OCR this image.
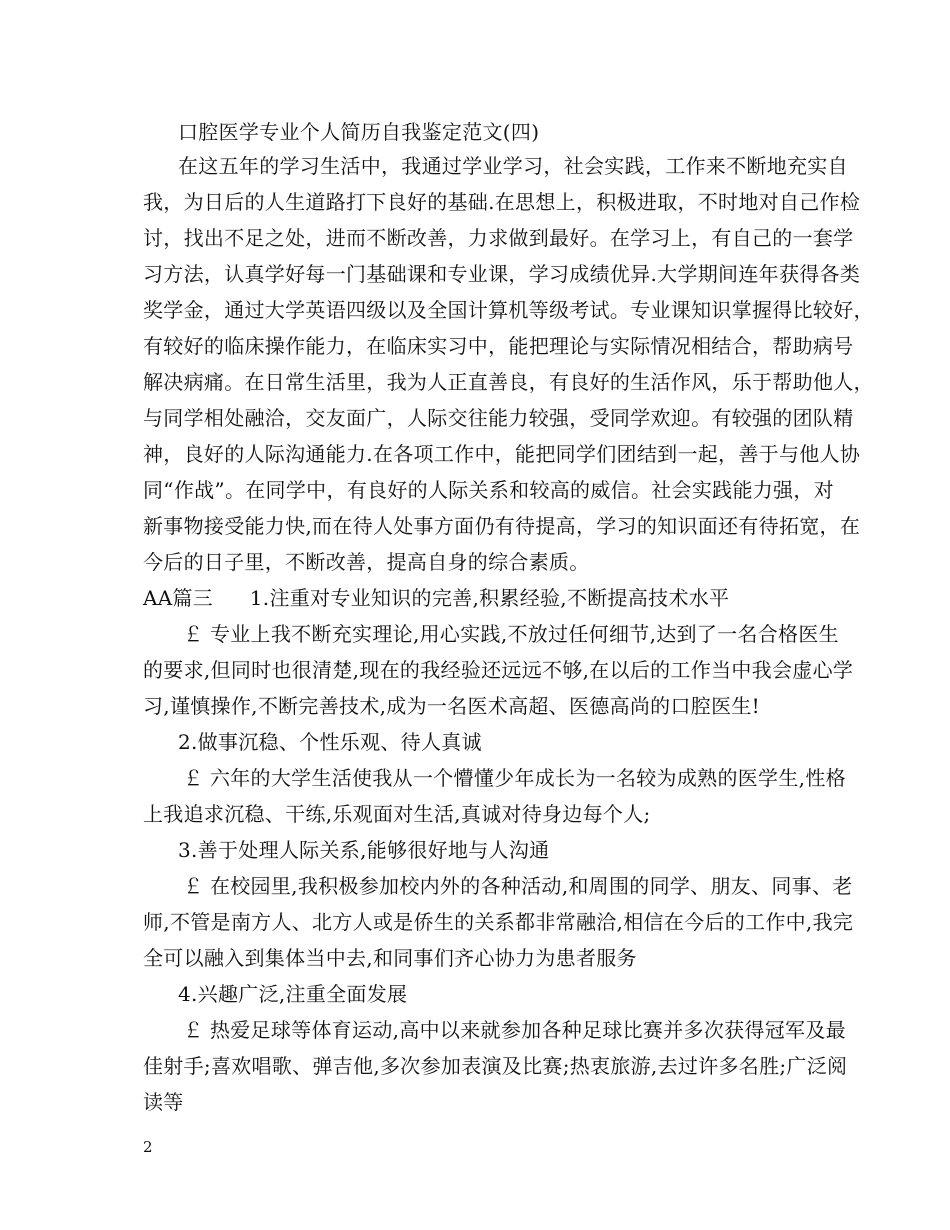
口腔医学专业个人简历自我鉴定范文(四)
在这五年的学习生活中，我通过学业学习，社会实践，工作来不断地充实自
我，为日后的人生道路打下良好的基础.在思想上，积极进取，不时地对自己作检
讨，找出不足之处，进而不断改善，力求做到最好。在学习上，有自己的一套学
习方法，认真学好每一门基础课和专业课，学习成绩优异.大学期间连年获得各类
奖学金，通过大学英语四级以及全国计算机等级考试。专业课知识掌握得比较好，
有较好的临床操作能力，在临床实习中，能把理论与实际情况相结合，帮助病号
解决病痛。在日常生活里，我为人正直善良，有良好的生活作风，乐于帮助他人，
与同学相处融洽，交友面广，人际交往能力较强，受同学欢迎。有较强的团队精
神，良好的人际沟通能力.在各项工作中，能把同学们团结到一起，善于与他人协
同“作战”。在同学中，有良好的人际关系和较高的威信。社会实践能力强，对
新事物接受能力快,而在待人处事方面仍有待提高，学习的知识面还有待拓宽，在
今后的日子里，不断改善，提高自身的综合素质。
AA篇三 1.注重对专业知识的完善,积累经验,不断提高技术水平
￡ 专业上我不断充实理论,用心实践,不放过任何细节,达到了一名合格医生
的要求,但同时也很清楚,现在的我经验还远远不够,在以后的工作当中我会虚心学
习,谨慎操作,不断完善技术,成为一名医术高超、医德高尚的口腔医生!
2.做事沉稳、个性乐观、待人真诚
￡ 六年的大学生活使我从一个懵懂少年成长为一名较为成熟的医学生,性格
上我追求沉稳、干练,乐观面对生活,真诚对待身边每个人;
3.善于处理人际关系,能够很好地与人沟通
￡ 在校园里,我积极参加校内外的各种活动,和周围的同学、朋友、同事、老
师,不管是南方人、北方人或是侨生的关系都非常融洽,相信在今后的工作中,我完
全可以融入到集体当中去,和同事们齐心协力为患者服务
4.兴趣广泛,注重全面发展
￡ 热爱足球等体育运动,高中以来就参加各种足球比赛并多次获得冠军及最
佳射手;喜欢唱歌、弹吉他,多次参加表演及比赛;热衷旅游,去过许多名胜;广泛阅
读等
2
